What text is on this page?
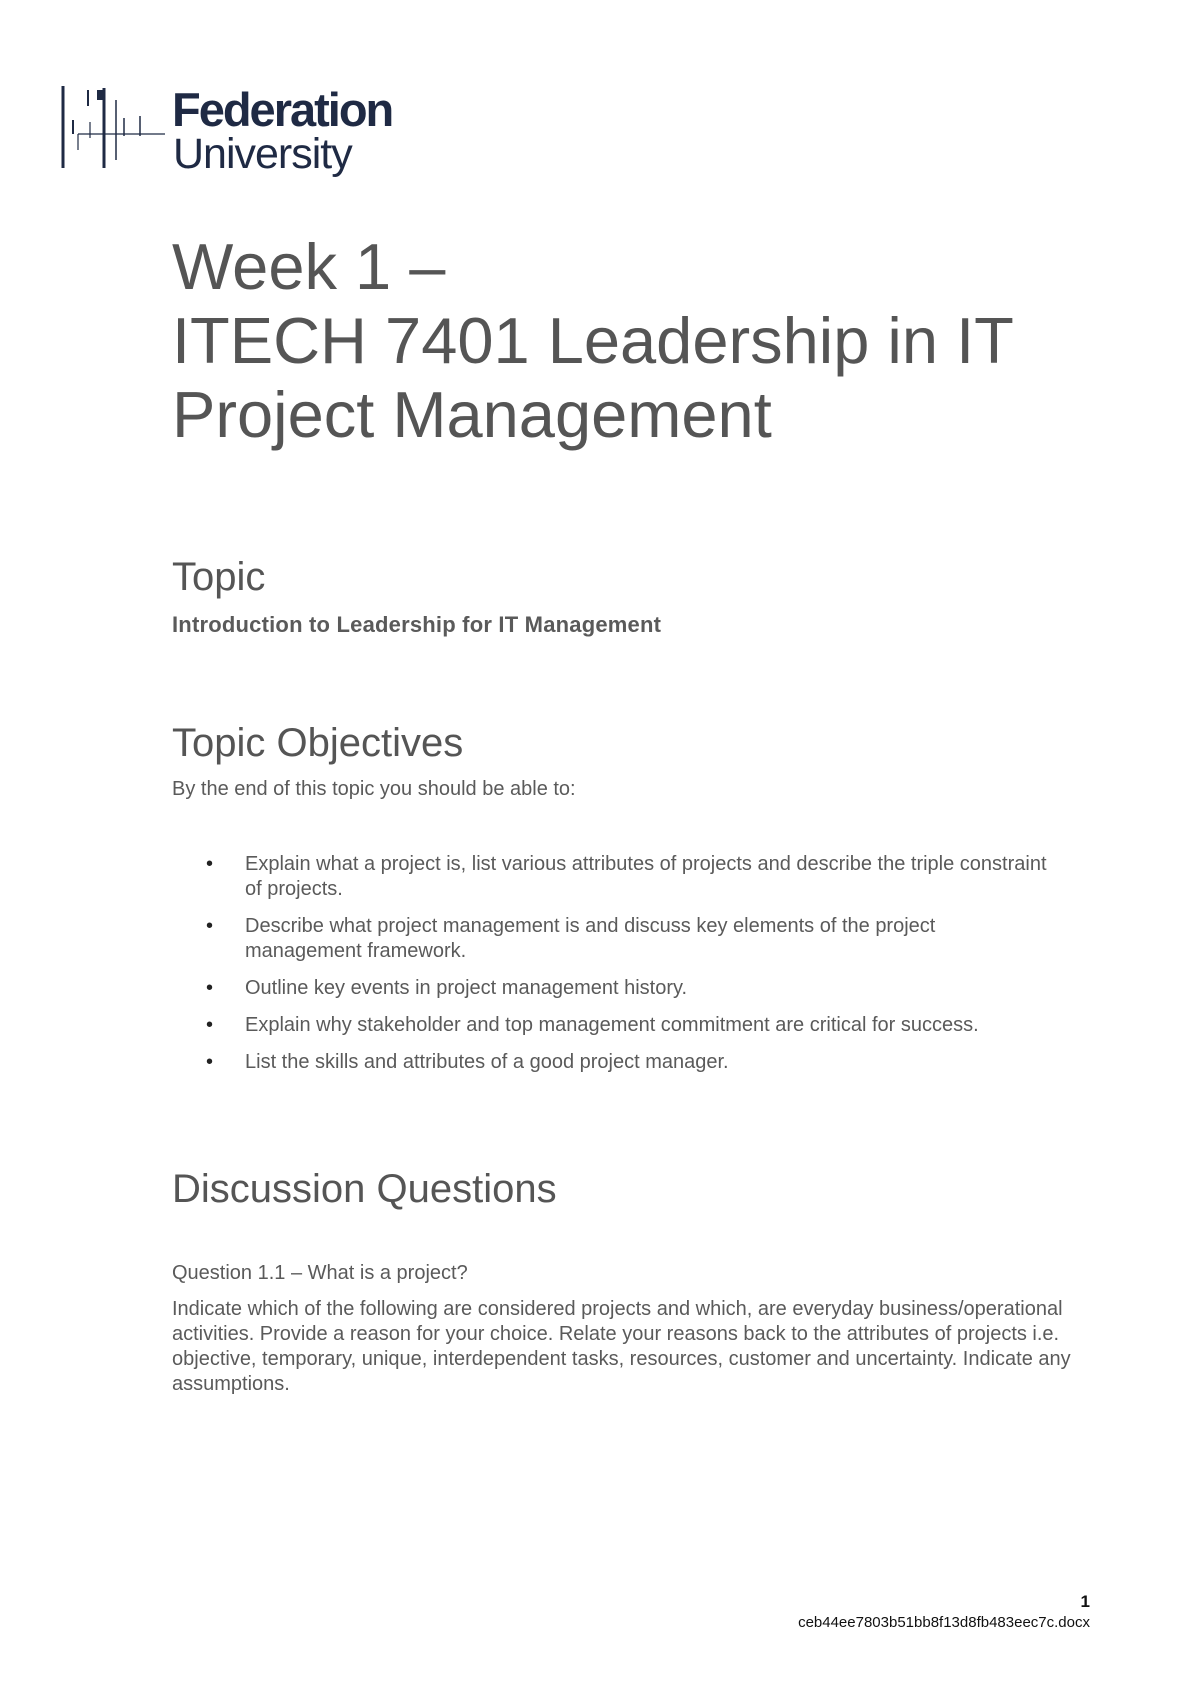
Federation
University
Week 1 –
ITECH 7401 Leadership in IT
Project Management
Topic
Introduction to Leadership for IT Management
Topic Objectives
By the end of this topic you should be able to:
• Explain what a project is, list various attributes of projects and describe the triple constraint of projects.
• Describe what project management is and discuss key elements of the project management framework.
• Outline key events in project management history.
• Explain why stakeholder and top management commitment are critical for success.
• List the skills and attributes of a good project manager.
Discussion Questions
Question 1.1 – What is a project?

Indicate which of the following are considered projects and which, are everyday business/operational activities. Provide a reason for your choice. Relate your reasons back to the attributes of projects i.e. objective, temporary, unique, interdependent tasks, resources, customer and uncertainty. Indicate any assumptions.

1
ceb44ee7803b51bb8f13d8fb483eec7c.docx
